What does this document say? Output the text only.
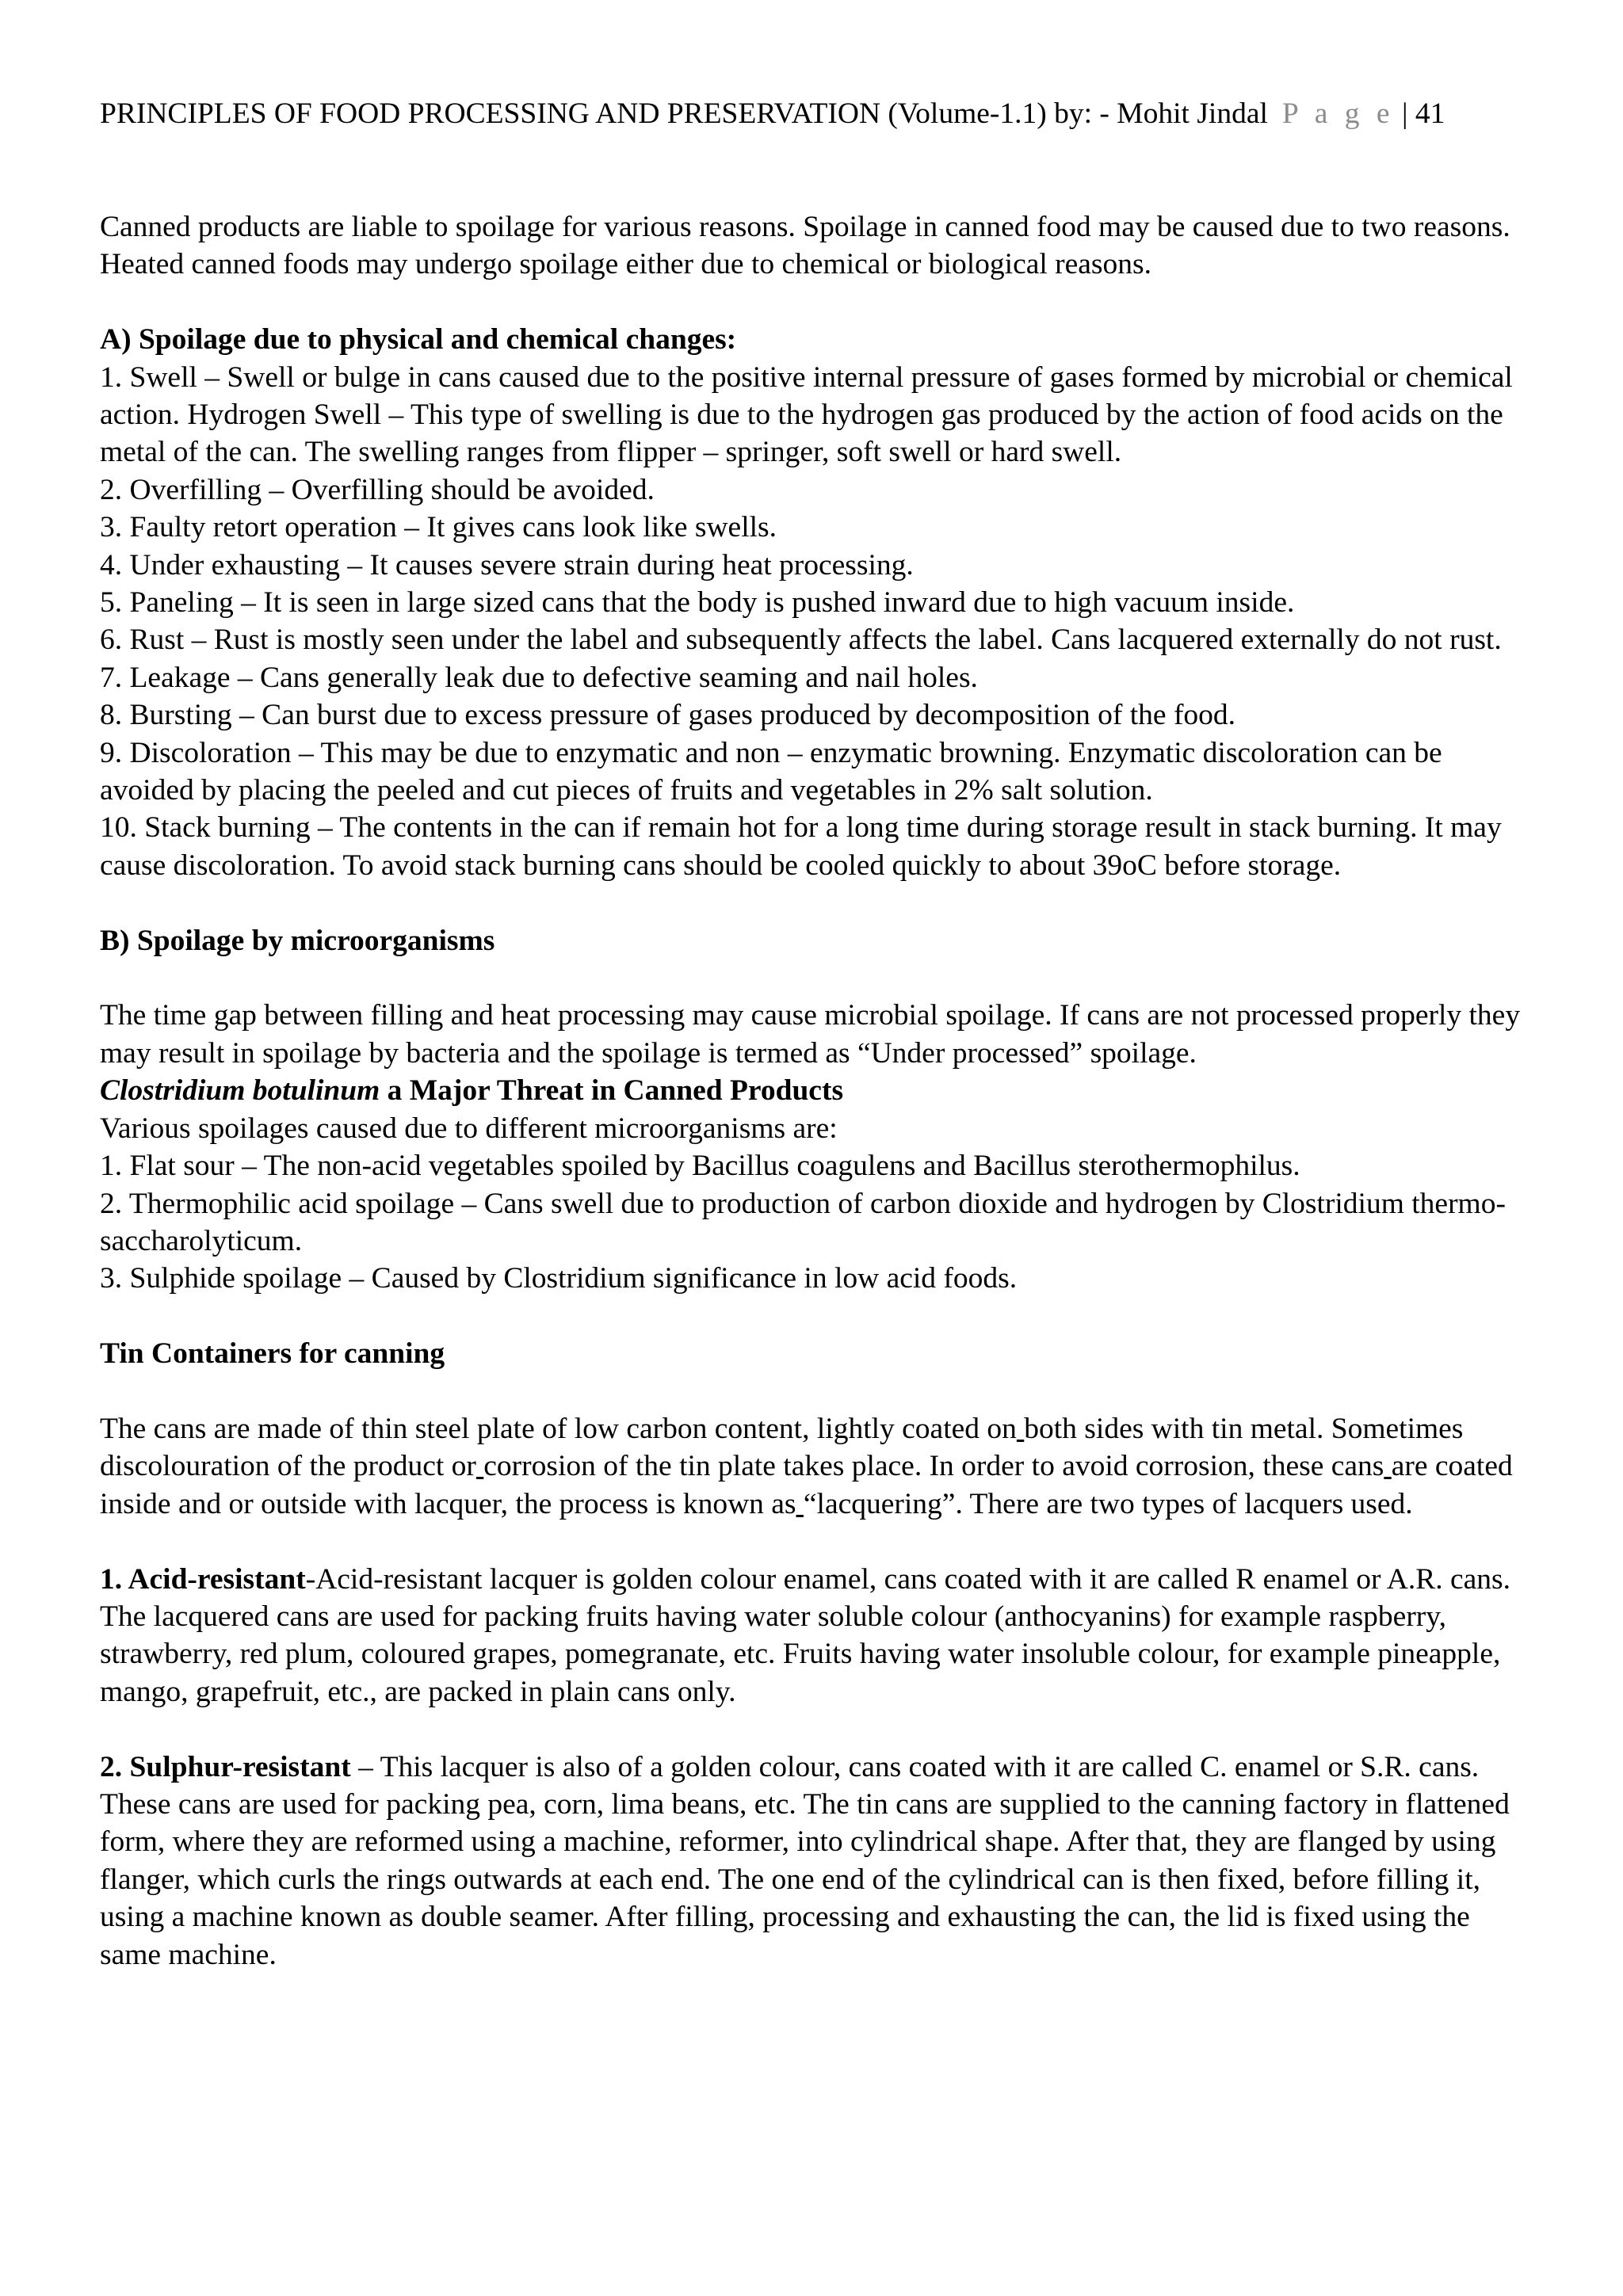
PRINCIPLES OF FOOD PROCESSING AND PRESERVATION (Volume-1.1) by: - Mohit Jindal P a g e | 41

Canned products are liable to spoilage for various reasons. Spoilage in canned food may be caused due to two reasons. Heated canned foods may undergo spoilage either due to chemical or biological reasons.

A) Spoilage due to physical and chemical changes:

1. Swell – Swell or bulge in cans caused due to the positive internal pressure of gases formed by microbial or chemical action. Hydrogen Swell – This type of swelling is due to the hydrogen gas produced by the action of food acids on the metal of the can. The swelling ranges from flipper – springer, soft swell or hard swell.

2. Overfilling – Overfilling should be avoided.

3. Faulty retort operation – It gives cans look like swells.

4. Under exhausting – It causes severe strain during heat processing.

5. Paneling – It is seen in large sized cans that the body is pushed inward due to high vacuum inside.

6. Rust – Rust is mostly seen under the label and subsequently affects the label. Cans lacquered externally do not rust.

7. Leakage – Cans generally leak due to defective seaming and nail holes.

8. Bursting – Can burst due to excess pressure of gases produced by decomposition of the food.

9. Discoloration – This may be due to enzymatic and non – enzymatic browning. Enzymatic discoloration can be avoided by placing the peeled and cut pieces of fruits and vegetables in 2% salt solution.

10. Stack burning – The contents in the can if remain hot for a long time during storage result in stack burning. It may cause discoloration. To avoid stack burning cans should be cooled quickly to about 39oC before storage.

B) Spoilage by microorganisms

The time gap between filling and heat processing may cause microbial spoilage. If cans are not processed properly they may result in spoilage by bacteria and the spoilage is termed as “Under processed” spoilage.

Clostridium botulinum a Major Threat in Canned Products

Various spoilages caused due to different microorganisms are:

1. Flat sour – The non-acid vegetables spoiled by Bacillus coagulens and Bacillus sterothermophilus.

2. Thermophilic acid spoilage – Cans swell due to production of carbon dioxide and hydrogen by Clostridium thermo-saccharolyticum.

3. Sulphide spoilage – Caused by Clostridium significance in low acid foods.

Tin Containers for canning

The cans are made of thin steel plate of low carbon content, lightly coated on both sides with tin metal. Sometimes discolouration of the product or corrosion of the tin plate takes place. In order to avoid corrosion, these cans are coated inside and or outside with lacquer, the process is known as “lacquering”. There are two types of lacquers used.

1. Acid-resistant-Acid-resistant lacquer is golden colour enamel, cans coated with it are called R enamel or A.R. cans. The lacquered cans are used for packing fruits having water soluble colour (anthocyanins) for example raspberry, strawberry, red plum, coloured grapes, pomegranate, etc. Fruits having water insoluble colour, for example pineapple, mango, grapefruit, etc., are packed in plain cans only.

2. Sulphur-resistant – This lacquer is also of a golden colour, cans coated with it are called C. enamel or S.R. cans. These cans are used for packing pea, corn, lima beans, etc. The tin cans are supplied to the canning factory in flattened form, where they are reformed using a machine, reformer, into cylindrical shape. After that, they are flanged by using flanger, which curls the rings outwards at each end. The one end of the cylindrical can is then fixed, before filling it, using a machine known as double seamer. After filling, processing and exhausting the can, the lid is fixed using the same machine.
